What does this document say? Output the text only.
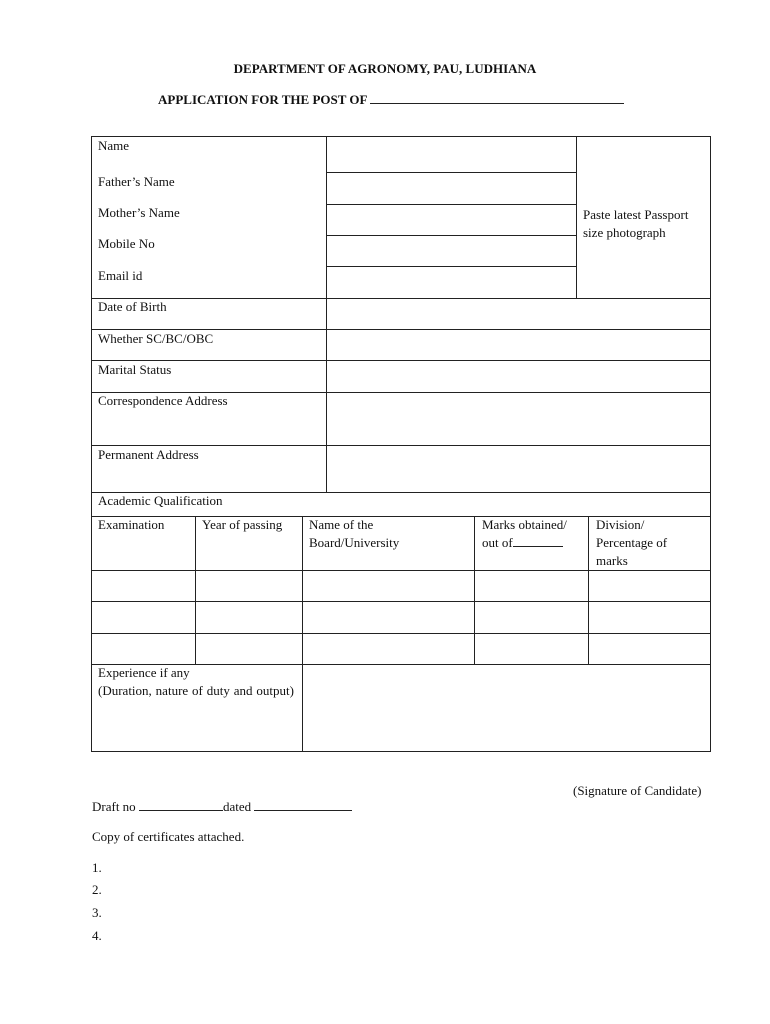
DEPARTMENT OF AGRONOMY, PAU, LUDHIANA
APPLICATION FOR THE POST OF
Name
Father’s Name
Mother’s Name
Mobile No
Email id
Date of Birth
Whether SC/BC/OBC
Marital Status
Correspondence Address
Permanent Address
Paste latest Passport size photograph
Academic Qualification
Examination	Year of passing Name of the Board/University
Marks obtained/
out of
Division/ Percentage of marks
Experience if any
(Duration, nature of duty and output)
(Signature of Candidate)
Draft no	dated
Copy of certificates attached.
1.
2.
3.
4.
